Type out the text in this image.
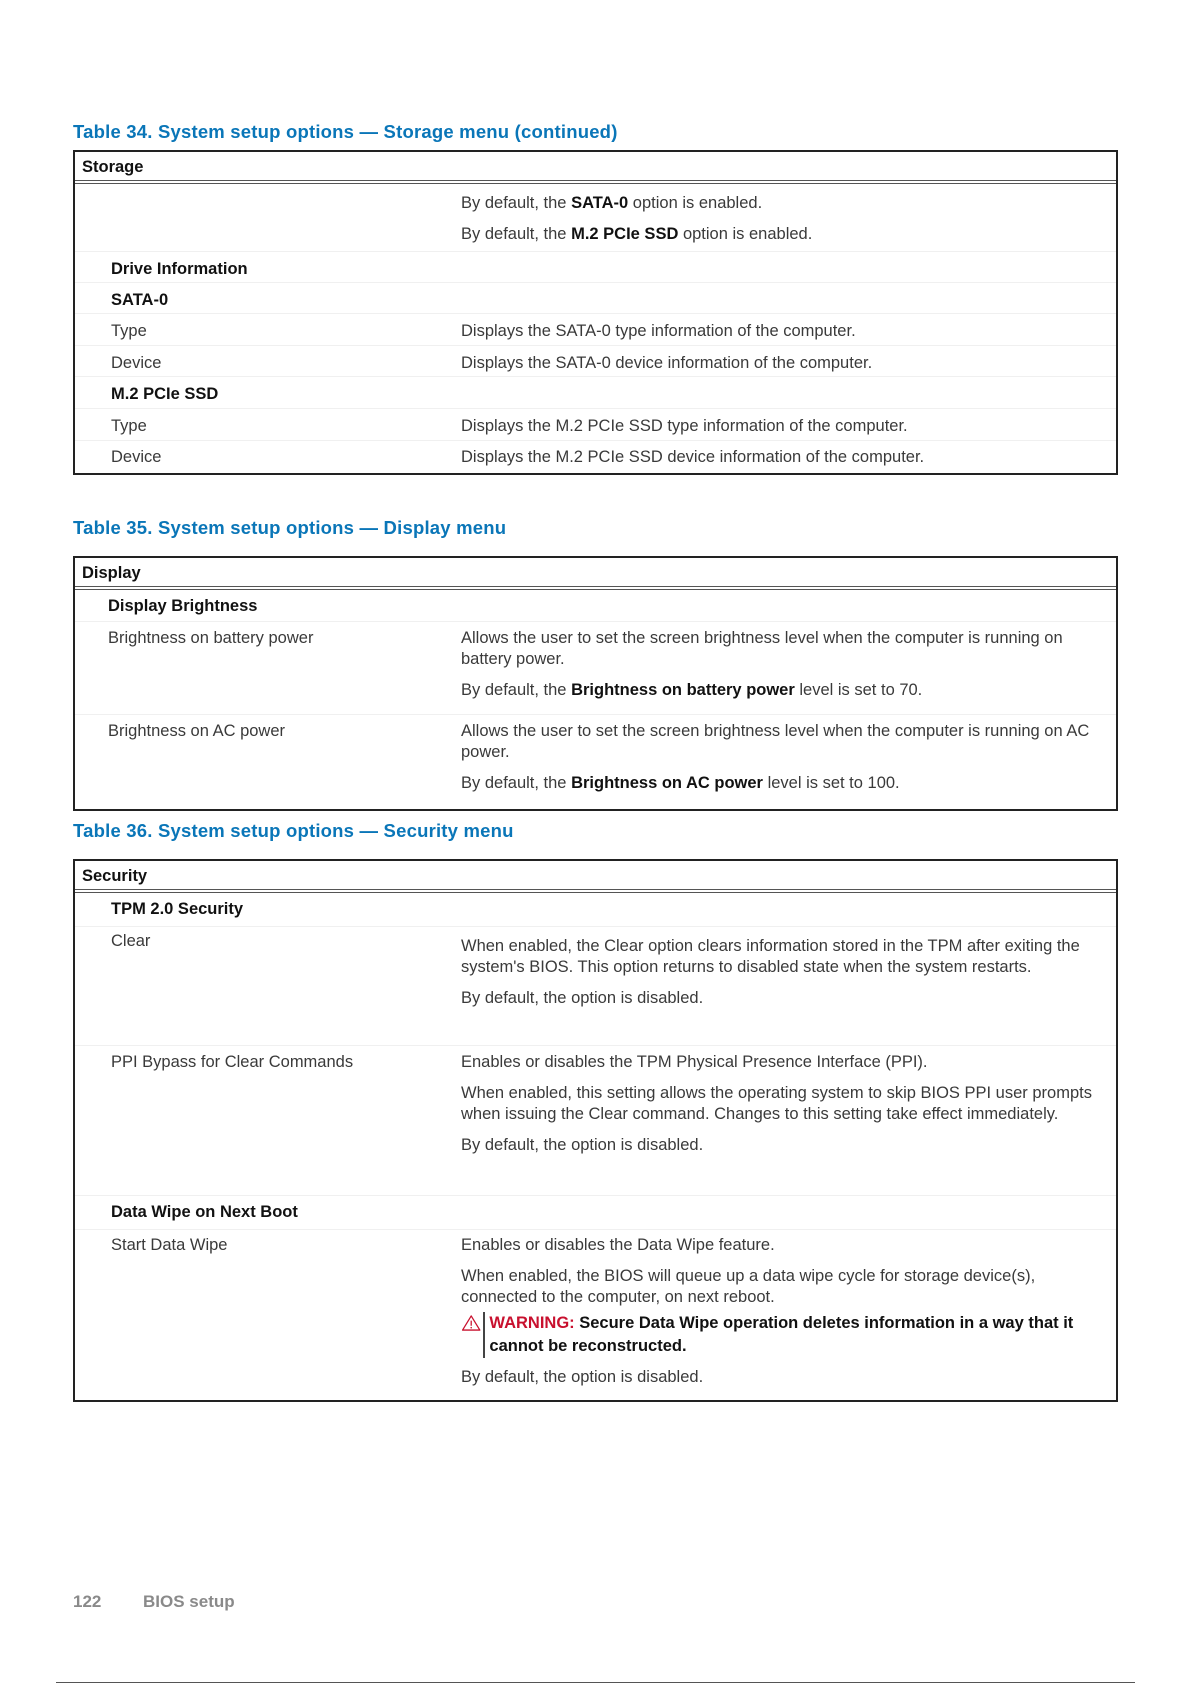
Table 34. System setup options — Storage menu (continued)
Storage

By default, the SATA-0 option is enabled.

By default, the M.2 PCIe SSD option is enabled.

Drive Information
SATA-0
Type	Displays the SATA-0 type information of the computer.

Device	Displays the SATA-0 device information of the computer.

M.2 PCIe SSD
Type	Displays the M.2 PCIe SSD type information of the computer.

Device	Displays the M.2 PCIe SSD device information of the computer.

Table 35. System setup options — Display menu
Display
Display Brightness
Brightness on battery power	Allows the user to set the screen brightness level when the computer is running on battery power.

By default, the Brightness on battery power level is set to 70.

Brightness on AC power	Allows the user to set the screen brightness level when the computer is running on AC power.

By default, the Brightness on AC power level is set to 100.

Table 36. System setup options — Security menu
Security
TPM 2.0 Security
Clear	When enabled, the Clear option clears information stored in the TPM after exiting the system's BIOS. This option returns to disabled state when the system restarts.

By default, the option is disabled.

PPI Bypass for Clear Commands	Enables or disables the TPM Physical Presence Interface (PPI).

When enabled, this setting allows the operating system to skip BIOS PPI user prompts when issuing the Clear command. Changes to this setting take effect immediately.

By default, the option is disabled.

Data Wipe on Next Boot
Start Data Wipe	Enables or disables the Data Wipe feature.

When enabled, the BIOS will queue up a data wipe cycle for storage device(s), connected to the computer, on next reboot.

WARNING: Secure Data Wipe operation deletes information in a way that it cannot be reconstructed.

By default, the option is disabled.

122 BIOS setup
